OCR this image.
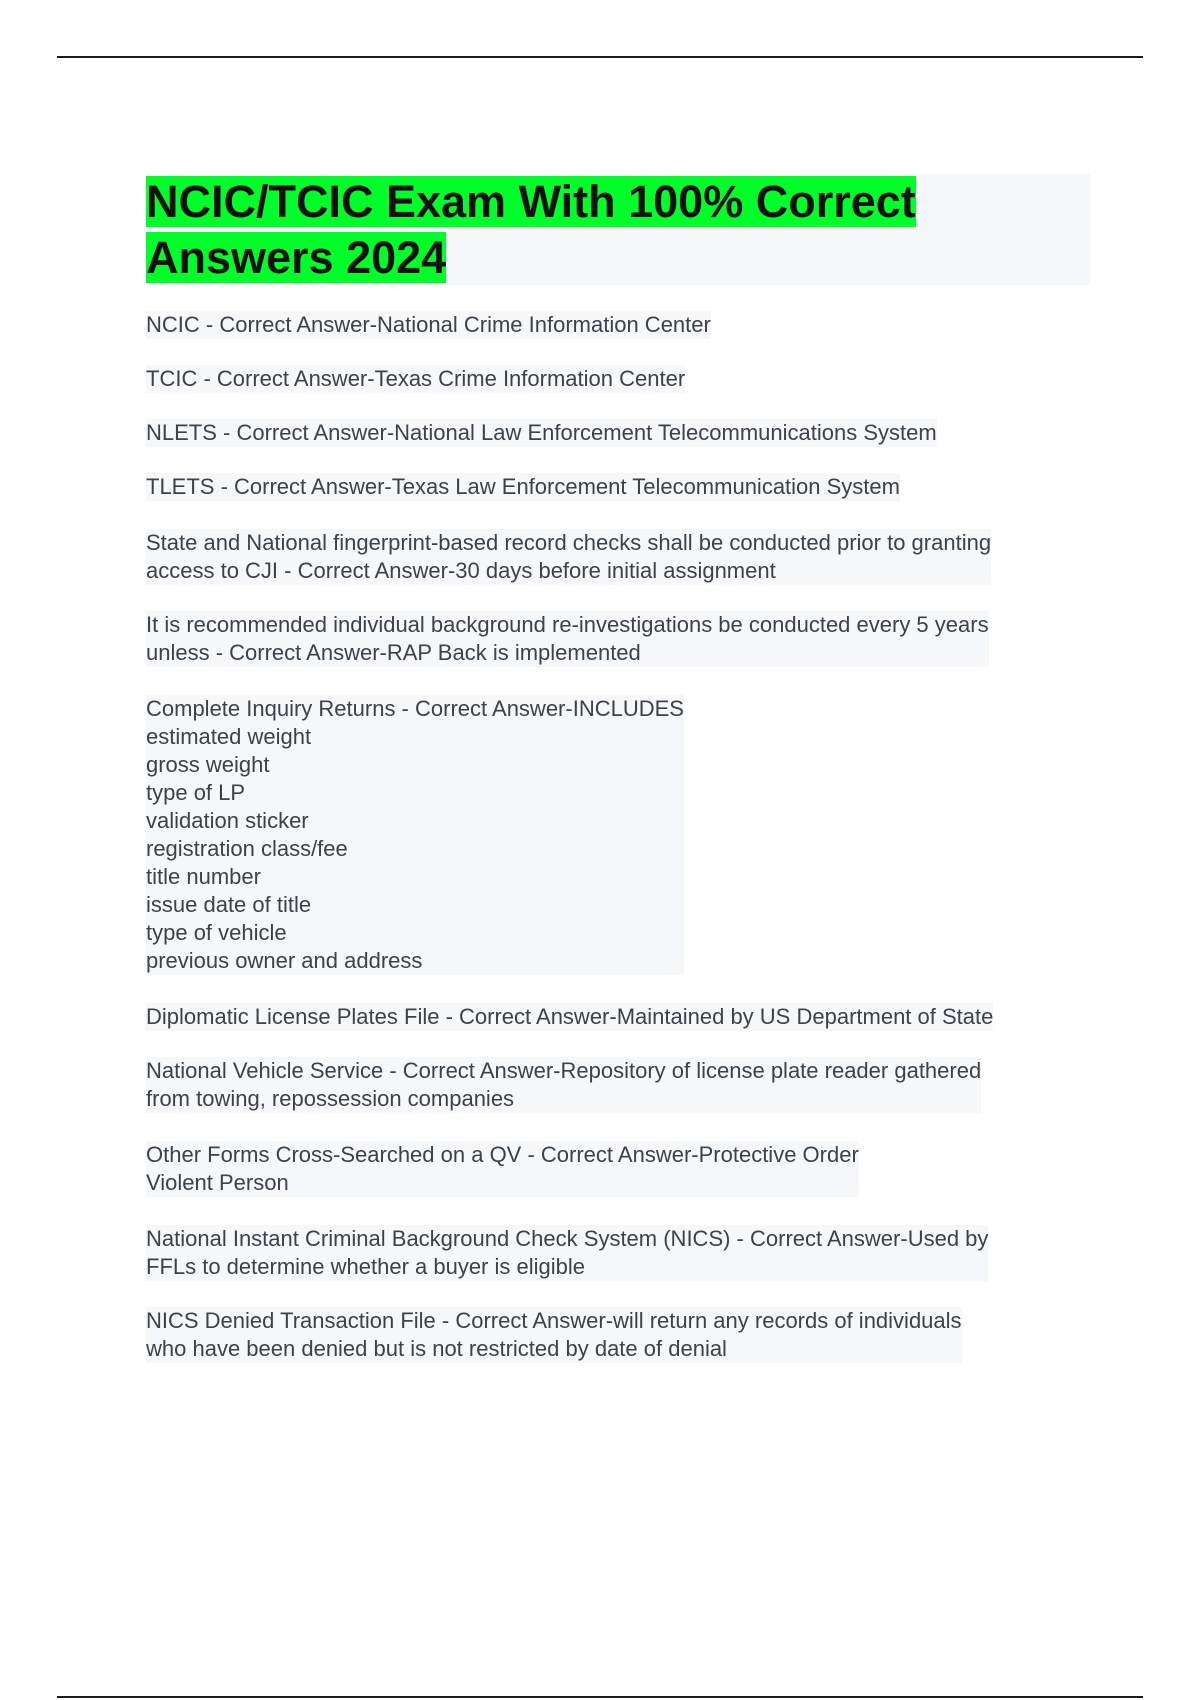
NCIC/TCIC Exam With 100% Correct
Answers 2024

NCIC - Correct Answer-National Crime Information Center

TCIC - Correct Answer-Texas Crime Information Center

NLETS - Correct Answer-National Law Enforcement Telecommunications System

TLETS - Correct Answer-Texas Law Enforcement Telecommunication System

State and National fingerprint-based record checks shall be conducted prior to granting
access to CJI - Correct Answer-30 days before initial assignment

It is recommended individual background re-investigations be conducted every 5 years
unless - Correct Answer-RAP Back is implemented

Complete Inquiry Returns - Correct Answer-INCLUDES
estimated weight
gross weight
type of LP
validation sticker
registration class/fee
title number
issue date of title
type of vehicle
previous owner and address

Diplomatic License Plates File - Correct Answer-Maintained by US Department of State

National Vehicle Service - Correct Answer-Repository of license plate reader gathered
from towing, repossession companies

Other Forms Cross-Searched on a QV - Correct Answer-Protective Order
Violent Person

National Instant Criminal Background Check System (NICS) - Correct Answer-Used by
FFLs to determine whether a buyer is eligible

NICS Denied Transaction File - Correct Answer-will return any records of individuals
who have been denied but is not restricted by date of denial
